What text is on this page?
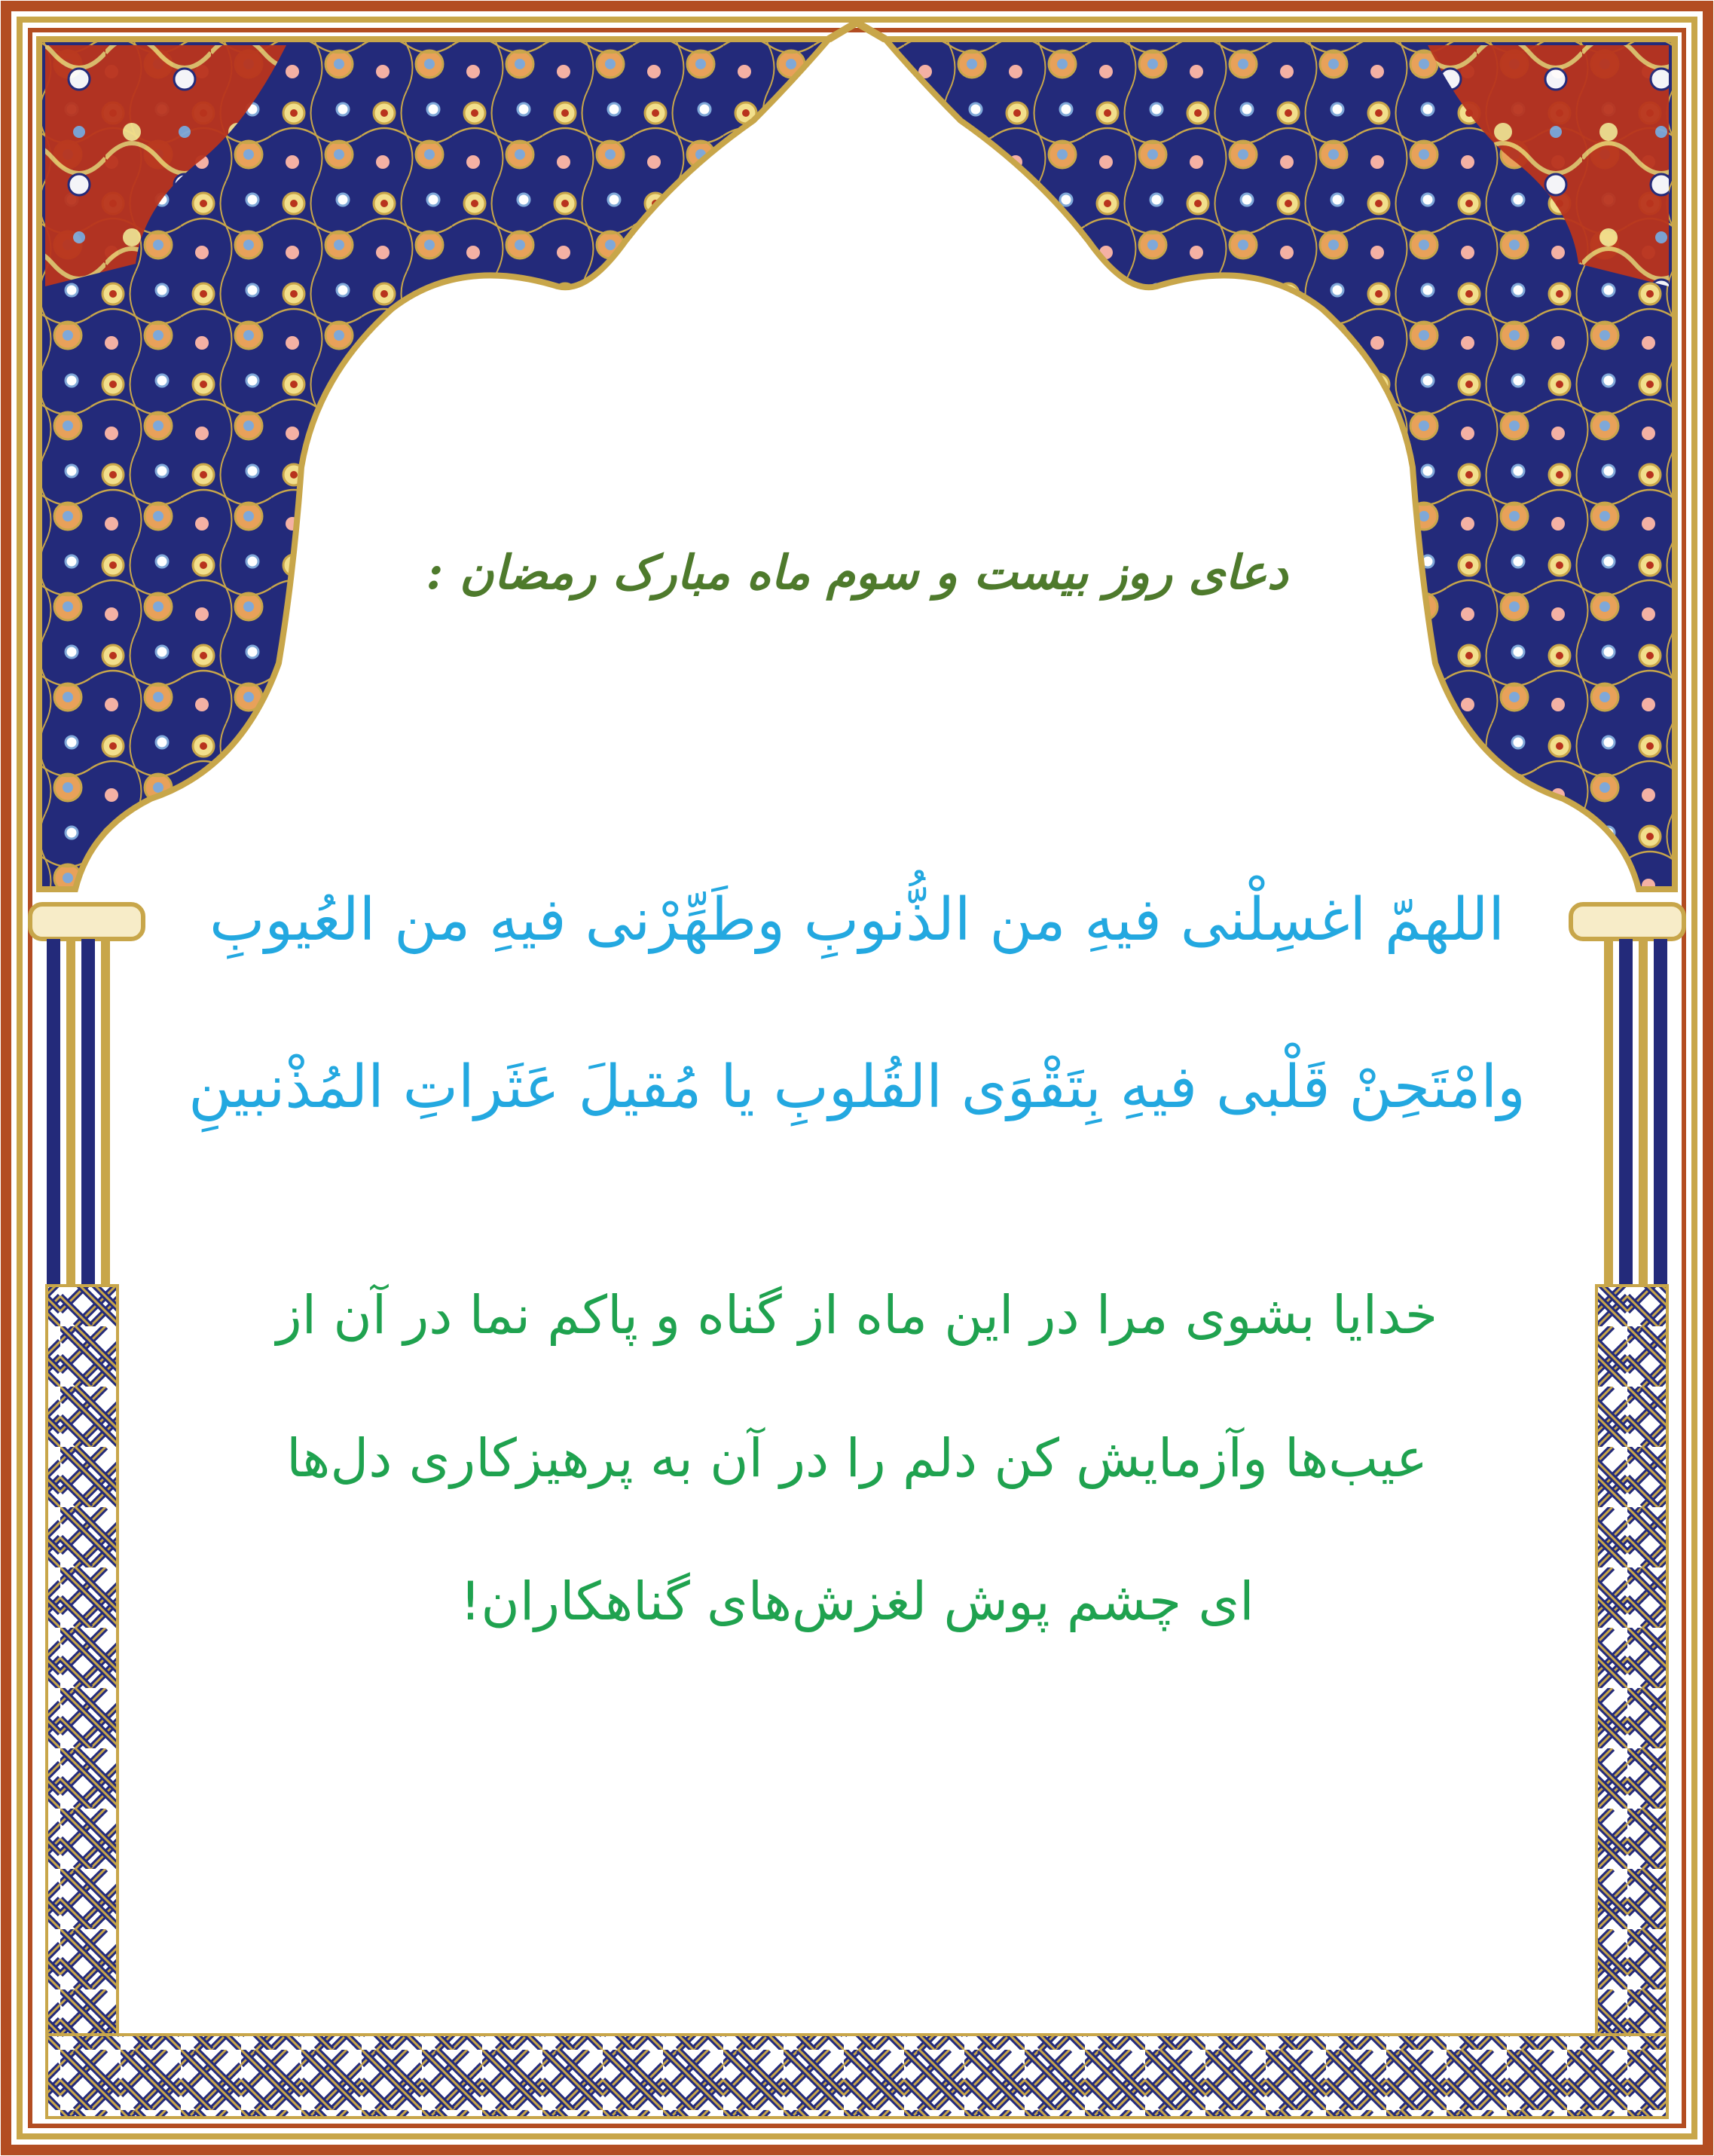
دعای روز بیست و سوم ماه مبارک رمضان :
اللهمّ اغسِلْنی فیهِ من الذُّنوبِ وطَهِّرْنی فیهِ من العُیوبِ
وامْتَحِنْ قَلْبی فیهِ بِتَقْوَی القُلوبِ یا مُقیلَ عَثَراتِ المُذْنبینِ
خدایا بشوی مرا در این ماه از گناه و پاکم نما در آن از
عیب‌ها وآزمایش کن دلم را در آن به پرهیزکاری دل‌ها
ای چشم پوش لغزش‌های گناهکاران!
